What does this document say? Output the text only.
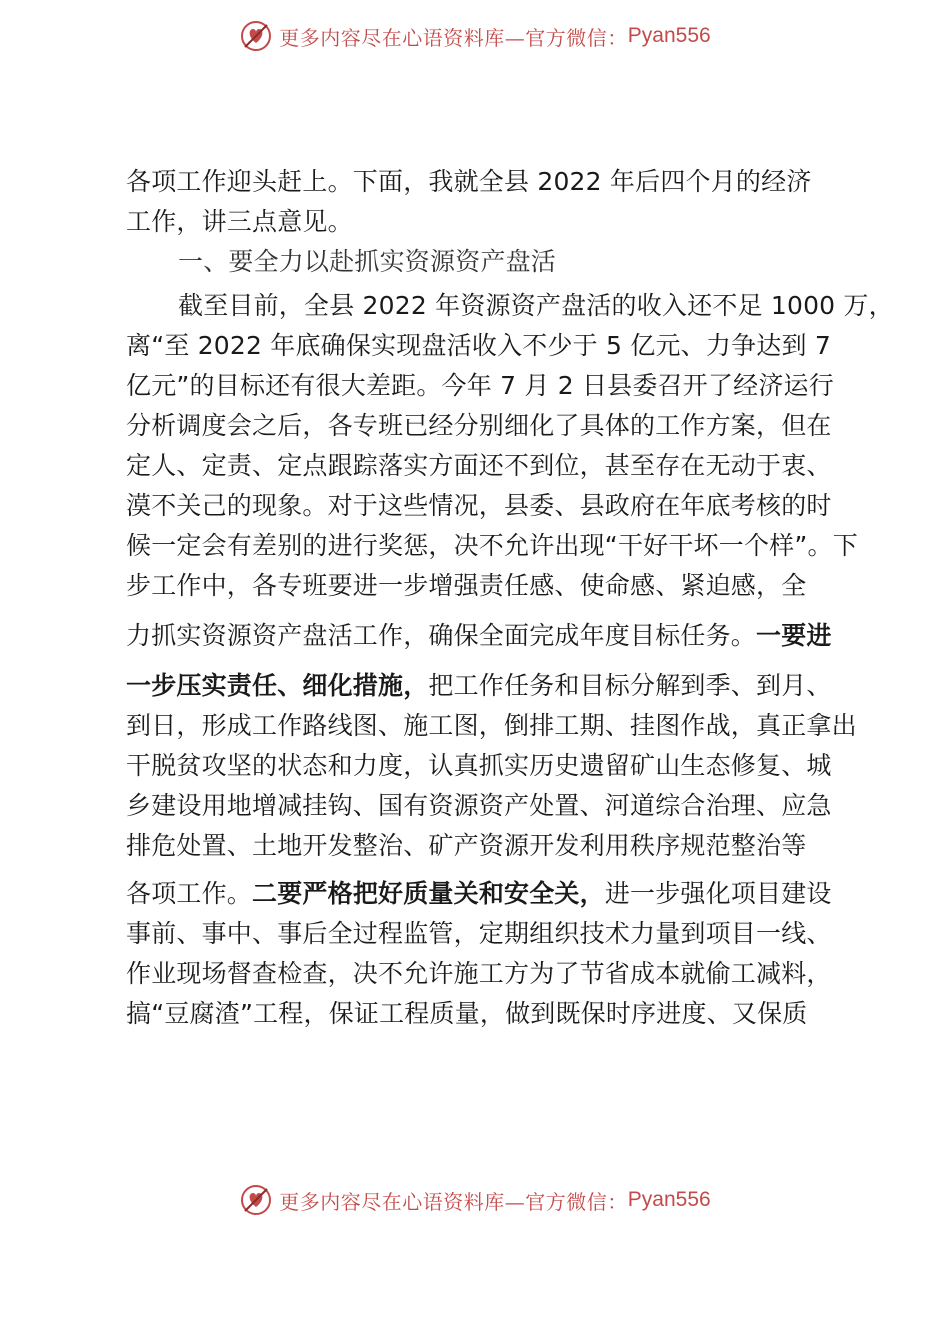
更多内容尽在心语资料库—官方微信： Pyan556
各项工作迎头赶上。下面，我就全县 2022 年后四个月的经济
工作，讲三点意见。
一、要全力以赴抓实资源资产盘活
截至目前，全县 2022 年资源资产盘活的收入还不足 1000 万，
离“至 2022 年底确保实现盘活收入不少于 5 亿元、力争达到 7
亿元”的目标还有很大差距。今年 7 月 2 日县委召开了经济运行
分析调度会之后，各专班已经分别细化了具体的工作方案，但在
定人、定责、定点跟踪落实方面还不到位，甚至存在无动于衷、
漠不关己的现象。对于这些情况，县委、县政府在年底考核的时
候一定会有差别的进行奖惩，决不允许出现“干好干坏一个样”。下
步工作中，各专班要进一步增强责任感、使命感、紧迫感，全
力抓实资源资产盘活工作，确保全面完成年度目标任务。一要进
一步压实责任、细化措施，把工作任务和目标分解到季、到月、
到日，形成工作路线图、施工图，倒排工期、挂图作战，真正拿出
干脱贫攻坚的状态和力度，认真抓实历史遗留矿山生态修复、城
乡建设用地增减挂钩、国有资源资产处置、河道综合治理、应急
排危处置、土地开发整治、矿产资源开发利用秩序规范整治等
各项工作。二要严格把好质量关和安全关，进一步强化项目建设
事前、事中、事后全过程监管，定期组织技术力量到项目一线、
作业现场督查检查，决不允许施工方为了节省成本就偷工减料，
搞“豆腐渣”工程，保证工程质量，做到既保时序进度、又保质
更多内容尽在心语资料库—官方微信： Pyan556
